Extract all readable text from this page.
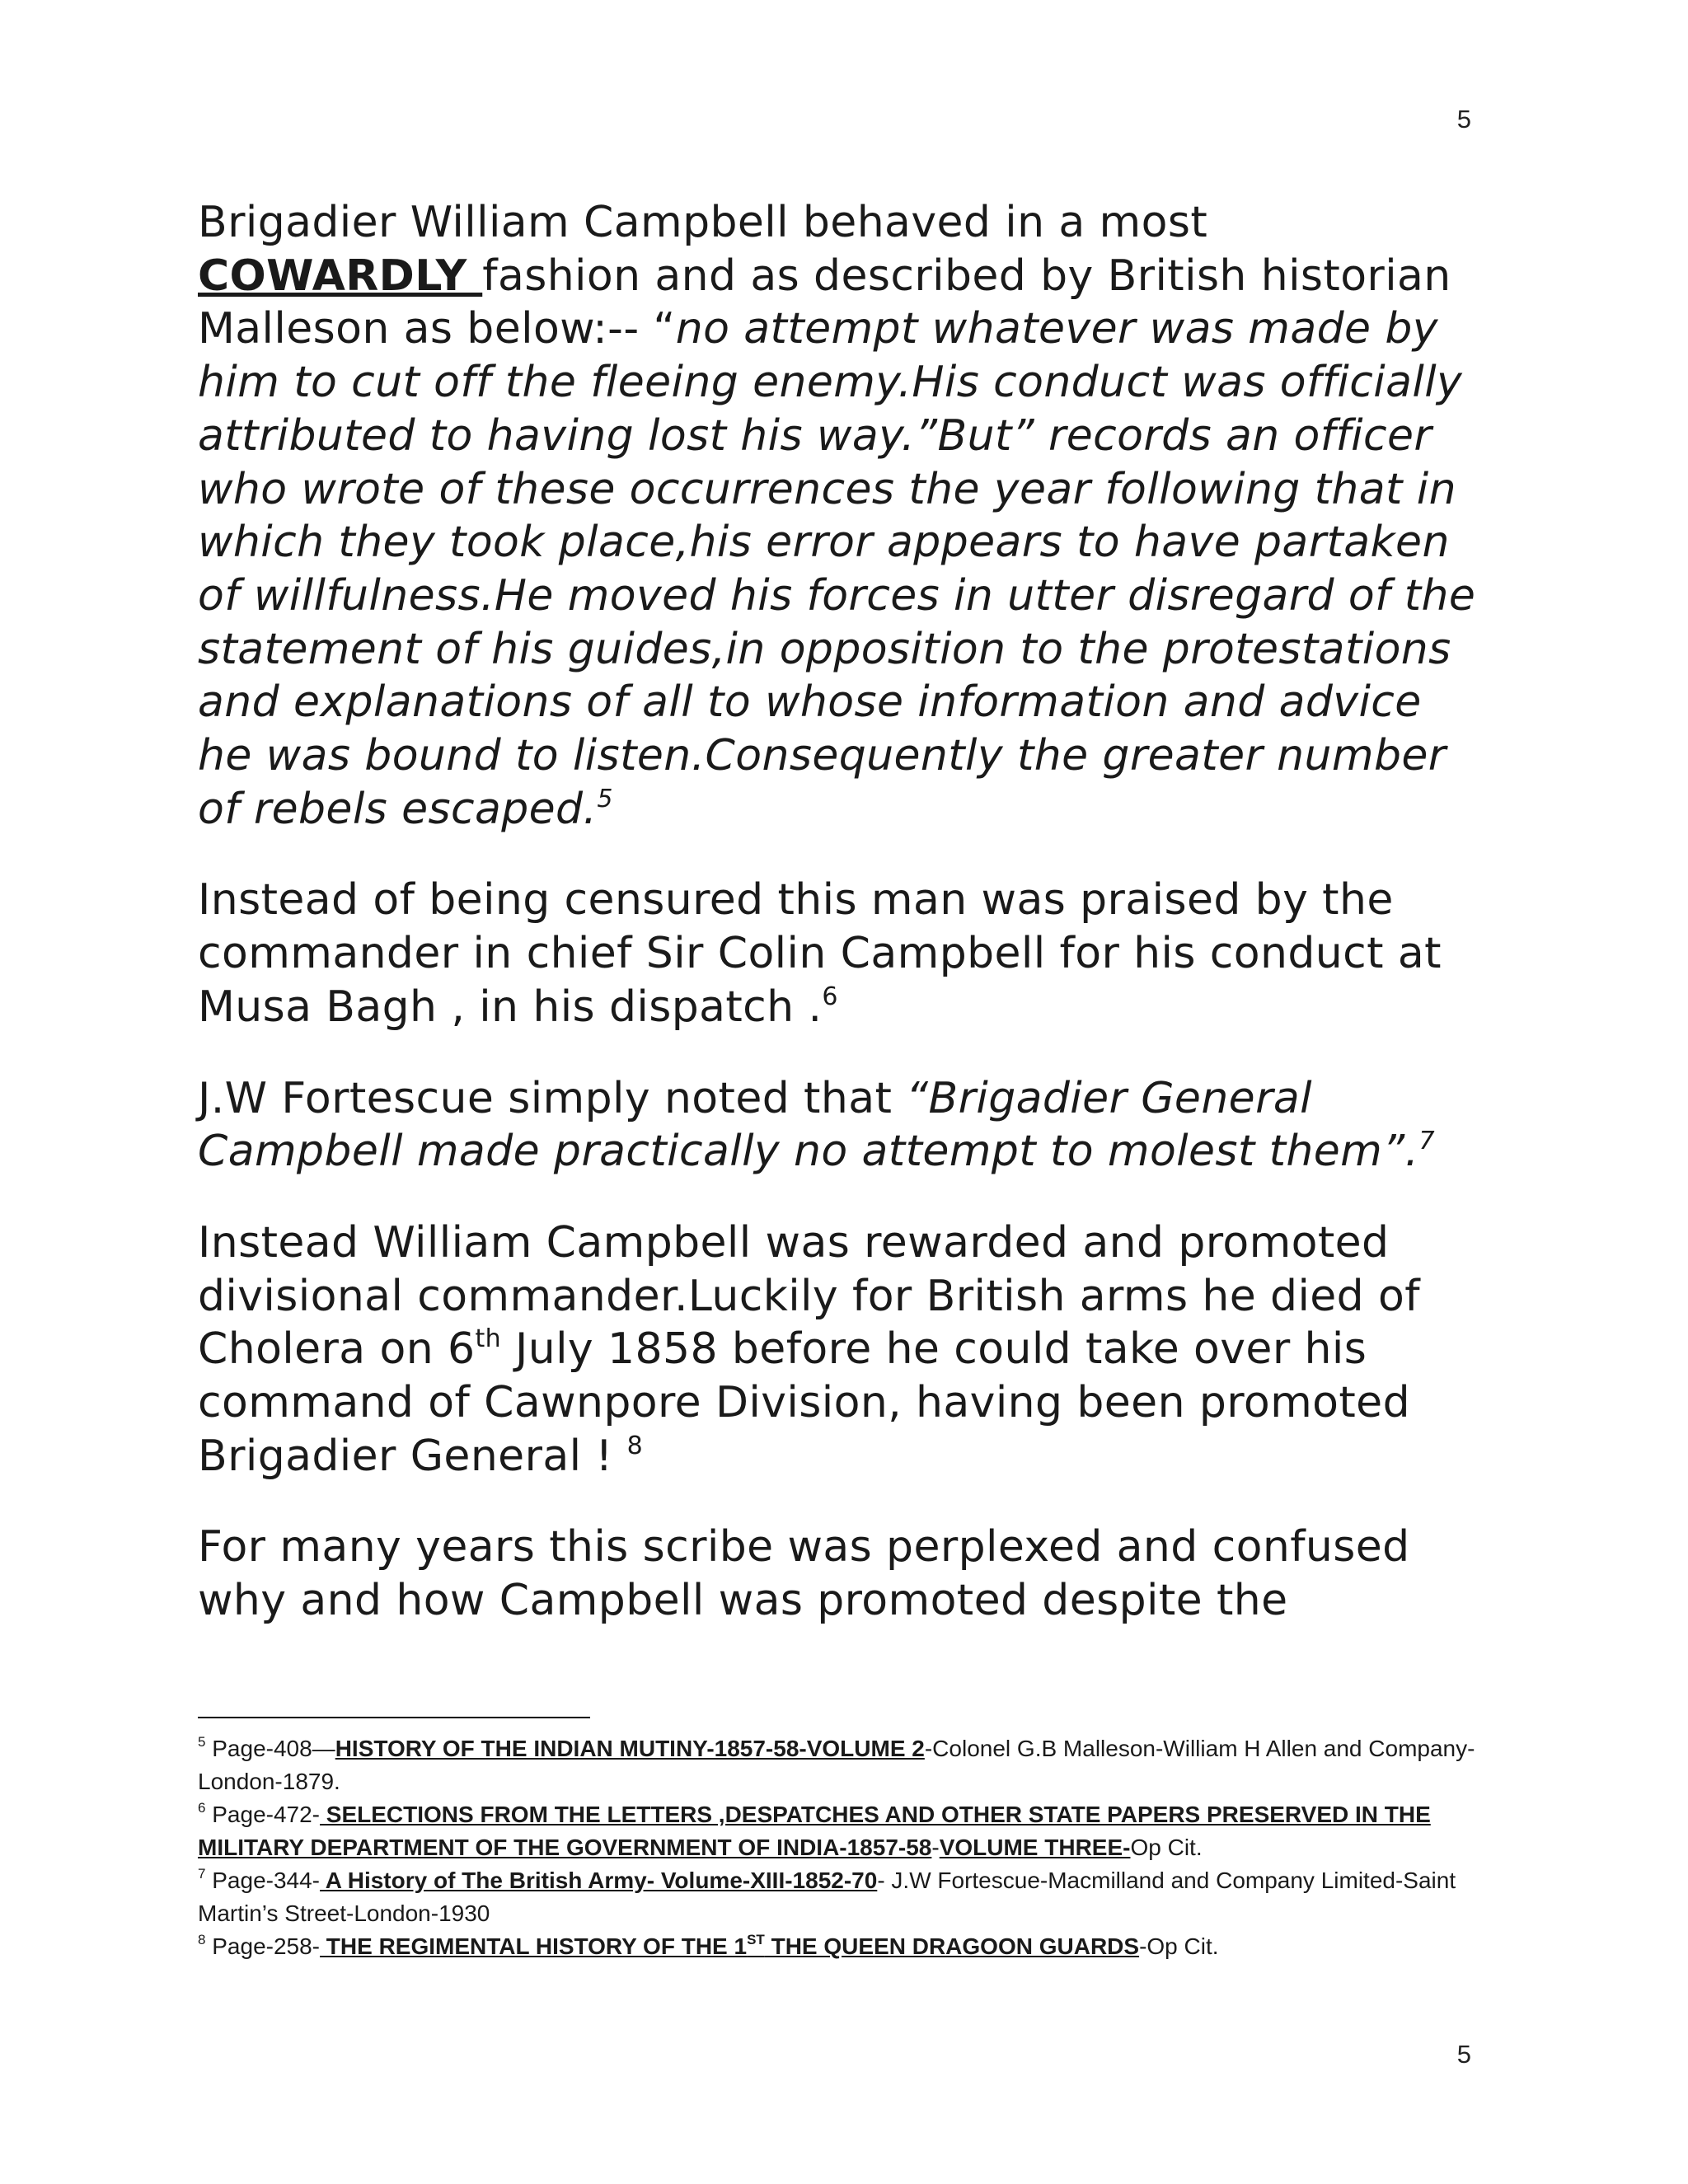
5

Brigadier William Campbell behaved in a most COWARDLY fashion and as described by British historian Malleson as below:-- “no attempt whatever was made by him to cut off the fleeing enemy.His conduct was officially attributed to having lost his way.”But” records an officer who wrote of these occurrences the year following that in which they took place,his error appears to have partaken of willfulness.He moved his forces in utter disregard of the statement of his guides,in opposition to the protestations and explanations of all to whose information and advice he was bound to listen.Consequently the greater number of rebels escaped.$^5$

Instead of being censured this man was praised by the commander in chief Sir Colin Campbell for his conduct at Musa Bagh , in his dispatch .$^6$

J.W Fortescue simply noted that “Brigadier General Campbell made practically no attempt to molest them”.$^7$

Instead William Campbell was rewarded and promoted divisional commander.Luckily for British arms he died of Cholera on 6th July 1858 before he could take over his command of Cawnpore Division, having been promoted Brigadier General ! $^8$

For many years this scribe was perplexed and confused why and how Campbell was promoted despite the

$^5$ Page-408—HISTORY OF THE INDIAN MUTINY-1857-58-VOLUME 2-Colonel G.B Malleson-William H Allen and Company-London-1879.

$^6$ Page-472- SELECTIONS FROM THE LETTERS ,DESPATCHES AND OTHER STATE PAPERS PRESERVED IN THE MILITARY DEPARTMENT OF THE GOVERNMENT OF INDIA-1857-58-VOLUME THREE-Op Cit.

$^7$ Page-344- A History of The British Army- Volume-XIII-1852-70- J.W Fortescue-Macmilland and Company Limited-Saint Martin’s Street-London-1930

$^8$ Page-258- THE REGIMENTAL HISTORY OF THE 1ST THE QUEEN DRAGOON GUARDS-Op Cit.

5
